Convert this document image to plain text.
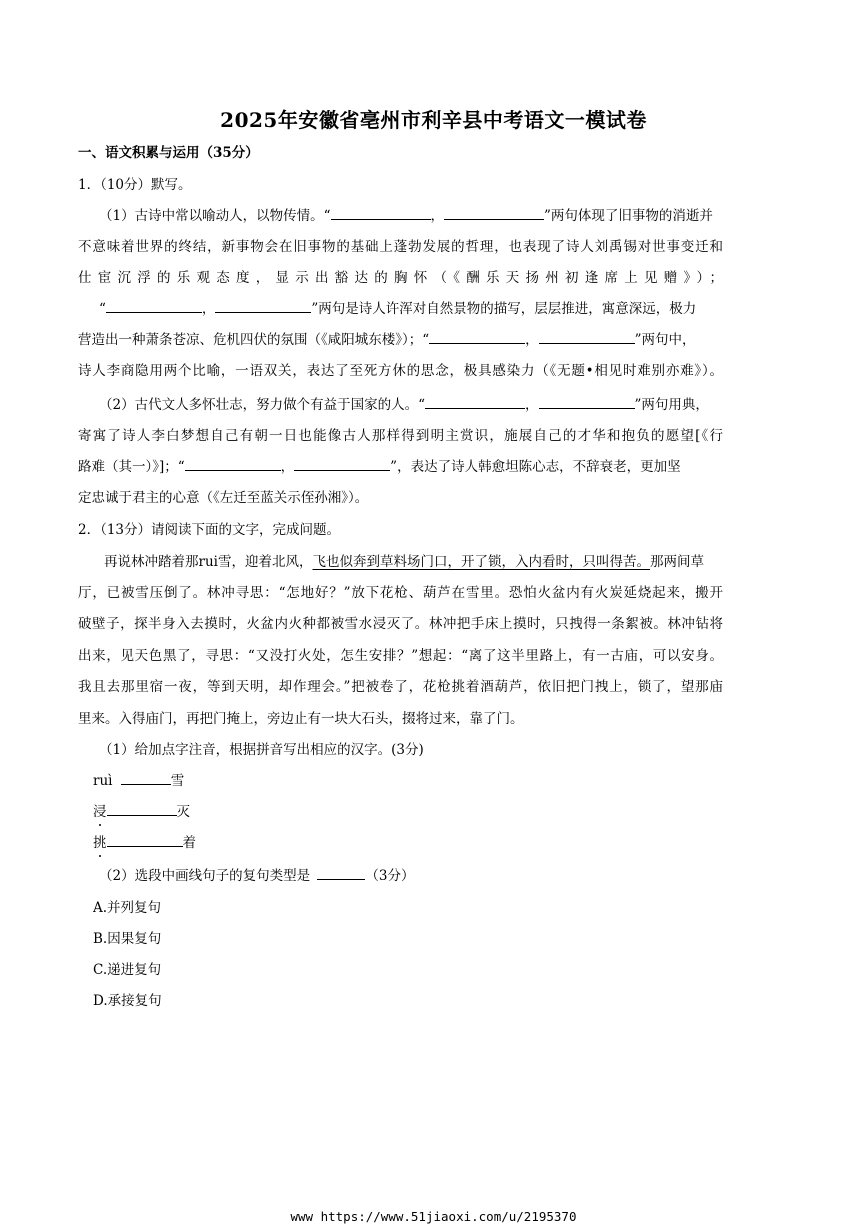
2025年安徽省亳州市利辛县中考语文一模试卷
一、语文积累与运用（35分）
1．（10分）默写。
（1）古诗中常以喻动人，以物传情。“	，	”两句体现了旧事物的消逝并
不意味着世界的终结，新事物会在旧事物的基础上蓬勃发展的哲理，也表现了诗人刘禹锡对世事变迁和
仕宦沉浮的乐观态度，显示出豁达的胸怀（《酬乐天扬州初逢席上见赠》）；
“	，	”两句是诗人许浑对自然景物的描写，层层推进，寓意深远，极力
营造出一种萧条苍凉、危机四伏的氛围（《咸阳城东楼》）；“	，	”两句中，
诗人李商隐用两个比喻，一语双关，表达了至死方休的思念，极具感染力（《无题•相见时难别亦难》）。
（2）古代文人多怀壮志，努力做个有益于国家的人。“	，	”两句用典，
寄寓了诗人李白梦想自己有朝一日也能像古人那样得到明主赏识，施展自己的才华和抱负的愿望[《行
路难（其一）》]；“	，	”，表达了诗人韩愈坦陈心志，不辞衰老，更加坚
定忠诚于君主的心意（《左迁至蓝关示侄孙湘》）。
2．（13分）请阅读下面的文字，完成问题。
再说林冲踏着那rui雪，迎着北风，飞也似奔到草料场门口，开了锁，入内看时，只叫得苦。那两间草
厅，已被雪压倒了。林冲寻思：“怎地好？”放下花枪、葫芦在雪里。恐怕火盆内有火炭延烧起来，搬开
破壁子，探半身入去摸时，火盆内火种都被雪水浸灭了。林冲把手床上摸时，只拽得一条絮被。林冲钻将
出来，见天色黑了，寻思：“又没打火处，怎生安排？”想起：“离了这半里路上，有一古庙，可以安身。
我且去那里宿一夜，等到天明，却作理会。”把被卷了，花枪挑着酒葫芦，依旧把门拽上，锁了，望那庙
里来。入得庙门，再把门掩上，旁边止有一块大石头，掇将过来，靠了门。
（1）给加点字注音，根据拼音写出相应的汉字。(3分)
ruì	雪
浸	灭
挑	着
（2）选段中画线句子的复句类型是	（3分）
A.并列复句
B.因果复句
C.递进复句
D.承接复句
www https://www.51jiaoxi.com/u/2195370
